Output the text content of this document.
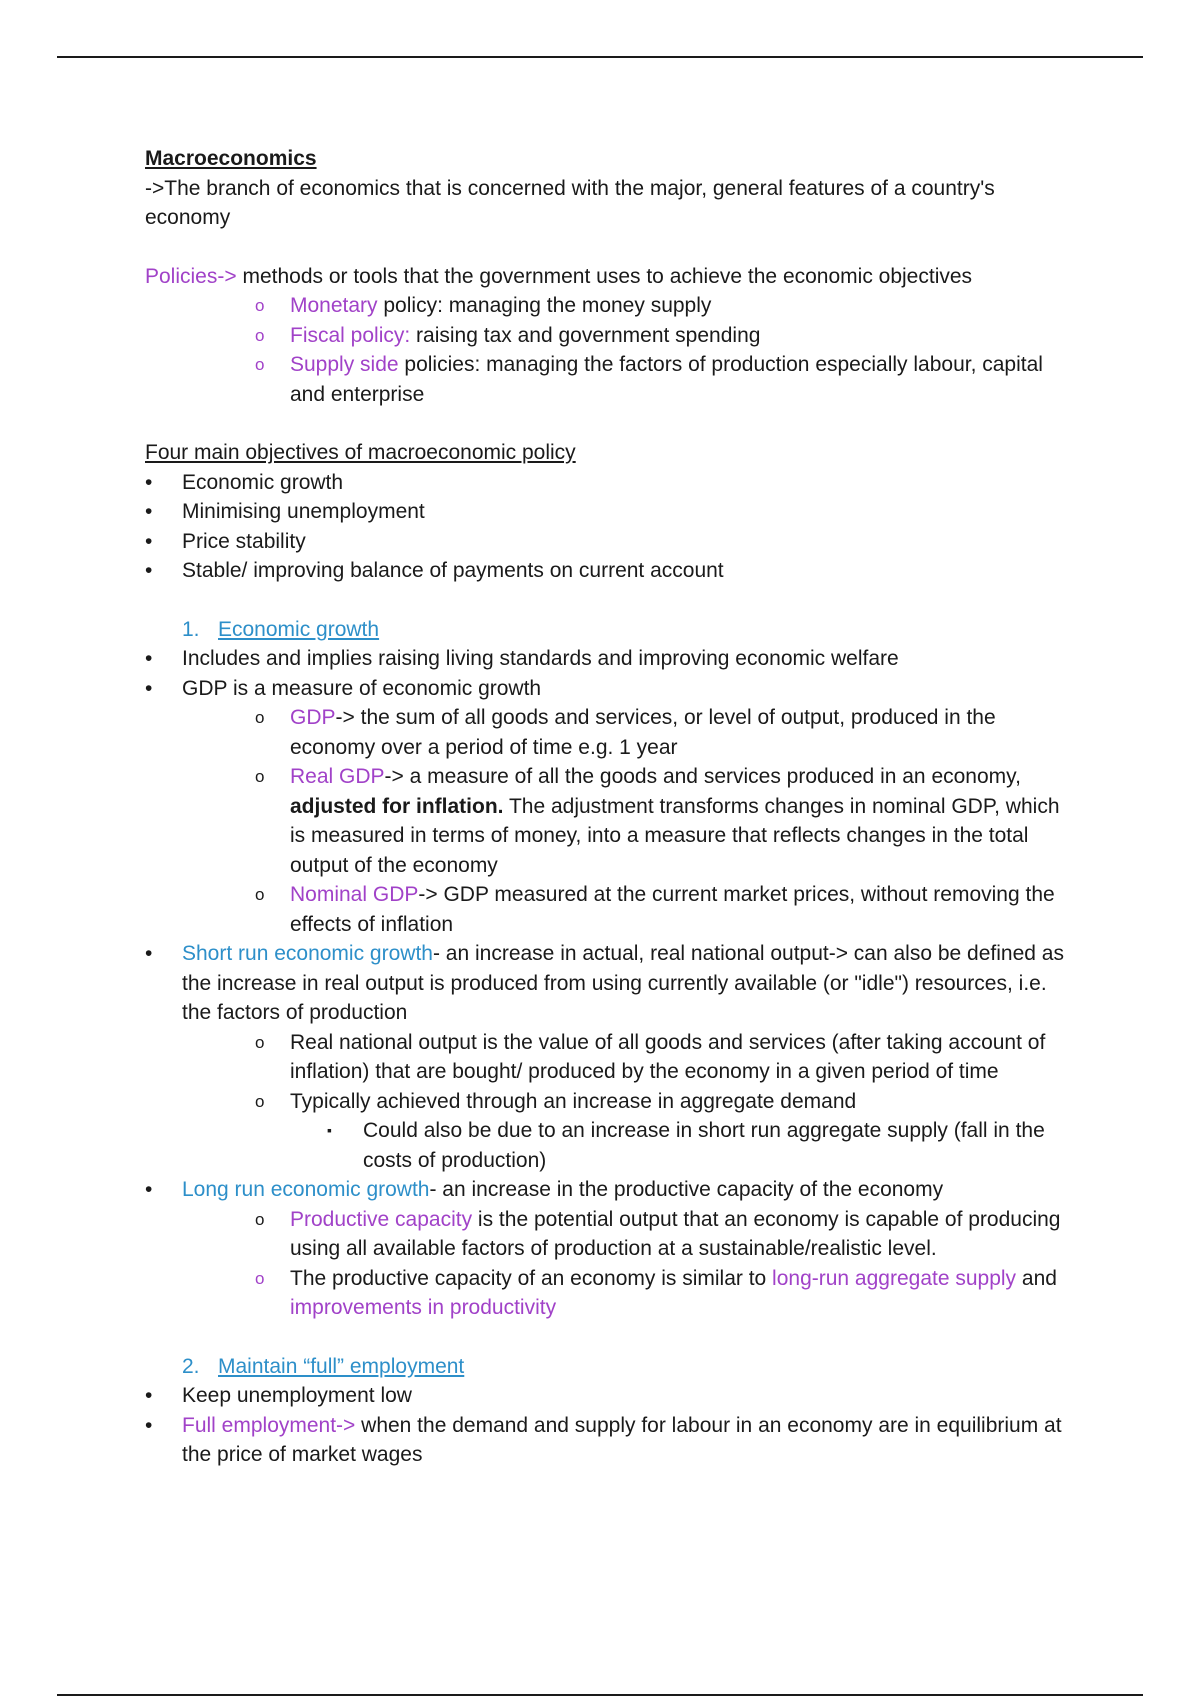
Macroeconomics

->The branch of economics that is concerned with the major, general features of a country's economy

Policies-> methods or tools that the government uses to achieve the economic objectives

o Monetary policy: managing the money supply

o Fiscal policy: raising tax and government spending

o Supply side policies: managing the factors of production especially labour, capital and enterprise

Four main objectives of macroeconomic policy

• Economic growth

• Minimising unemployment

• Price stability

• Stable/ improving balance of payments on current account

1. Economic growth

• Includes and implies raising living standards and improving economic welfare

• GDP is a measure of economic growth

o GDP-> the sum of all goods and services, or level of output, produced in the economy over a period of time e.g. 1 year

o Real GDP-> a measure of all the goods and services produced in an economy, adjusted for inflation. The adjustment transforms changes in nominal GDP, which is measured in terms of money, into a measure that reflects changes in the total output of the economy

o Nominal GDP-> GDP measured at the current market prices, without removing the effects of inflation

• Short run economic growth- an increase in actual, real national output-> can also be defined as the increase in real output is produced from using currently available (or "idle") resources, i.e. the factors of production

o Real national output is the value of all goods and services (after taking account of inflation) that are bought/ produced by the economy in a given period of time

o Typically achieved through an increase in aggregate demand

▪ Could also be due to an increase in short run aggregate supply (fall in the costs of production)

• Long run economic growth- an increase in the productive capacity of the economy

o Productive capacity is the potential output that an economy is capable of producing using all available factors of production at a sustainable/realistic level.

o The productive capacity of an economy is similar to long-run aggregate supply and improvements in productivity

2. Maintain “full” employment

• Keep unemployment low

• Full employment-> when the demand and supply for labour in an economy are in equilibrium at the price of market wages
